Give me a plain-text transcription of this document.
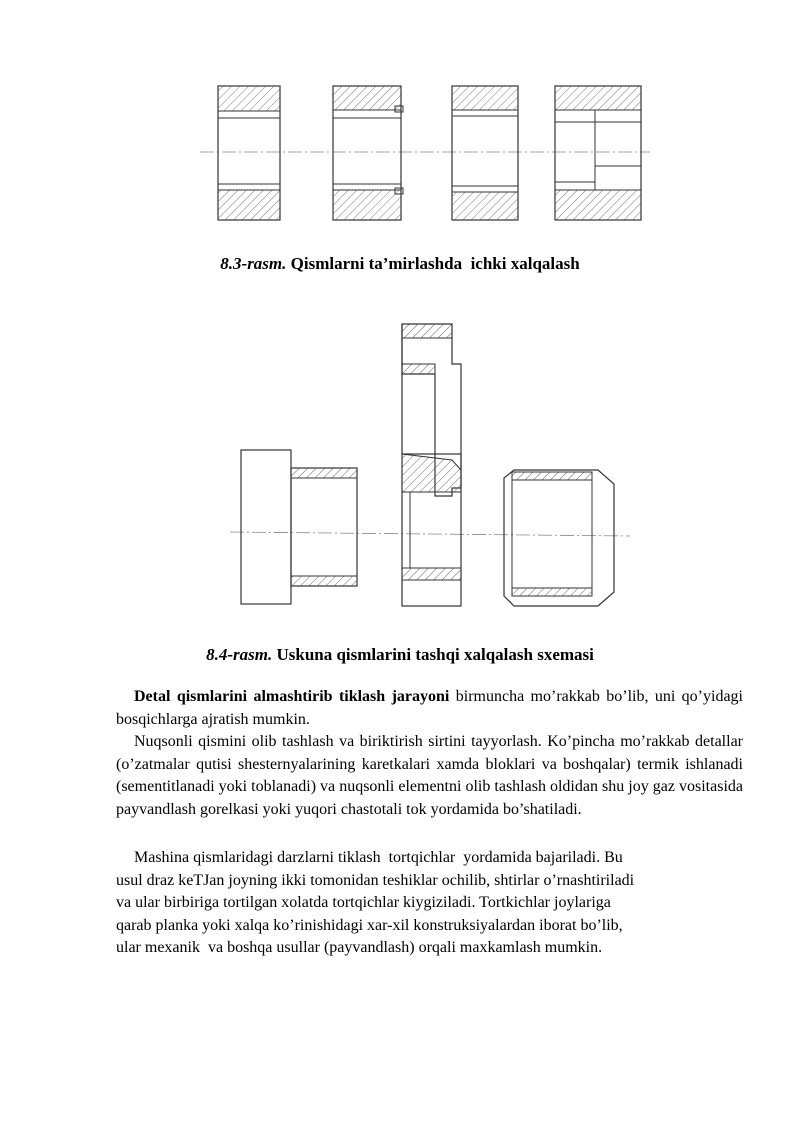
8.3-rasm. Qismlarni ta’mirlashda  ichki xalqalash
8.4-rasm. Uskuna qismlarini tashqi xalqalash sxemasi

Detal qismlarini almashtirib tiklash jarayoni birmuncha mo’rakkab bo’lib, uni qo’yidagi bosqichlarga ajratish mumkin.

Nuqsonli qismini olib tashlash va biriktirish sirtini tayyorlash. Ko’pincha mo’rakkab detallar (o’zatmalar qutisi shesternyalarining karetkalari xamda bloklari va boshqalar) termik ishlanadi (sementitlanadi yoki toblanadi) va nuqsonli elementni olib tashlash oldidan shu joy gaz vositasida payvandlash gorelkasi yoki yuqori chastotali tok yordamida bo’shatiladi.

Mashina qismlaridagi darzlarni tiklash  tortqichlar  yordamida bajariladi. Bu
usul draz keTJan joyning ikki tomonidan teshiklar ochilib, shtirlar o’rnashtiriladi
va ular birbiriga tortilgan xolatda tortqichlar kiygiziladi. Tortkichlar joylariga
qarab planka yoki xalqa ko’rinishidagi xar-xil konstruksiyalardan iborat bo’lib,
ular mexanik  va boshqa usullar (payvandlash) orqali maxkamlash mumkin.
